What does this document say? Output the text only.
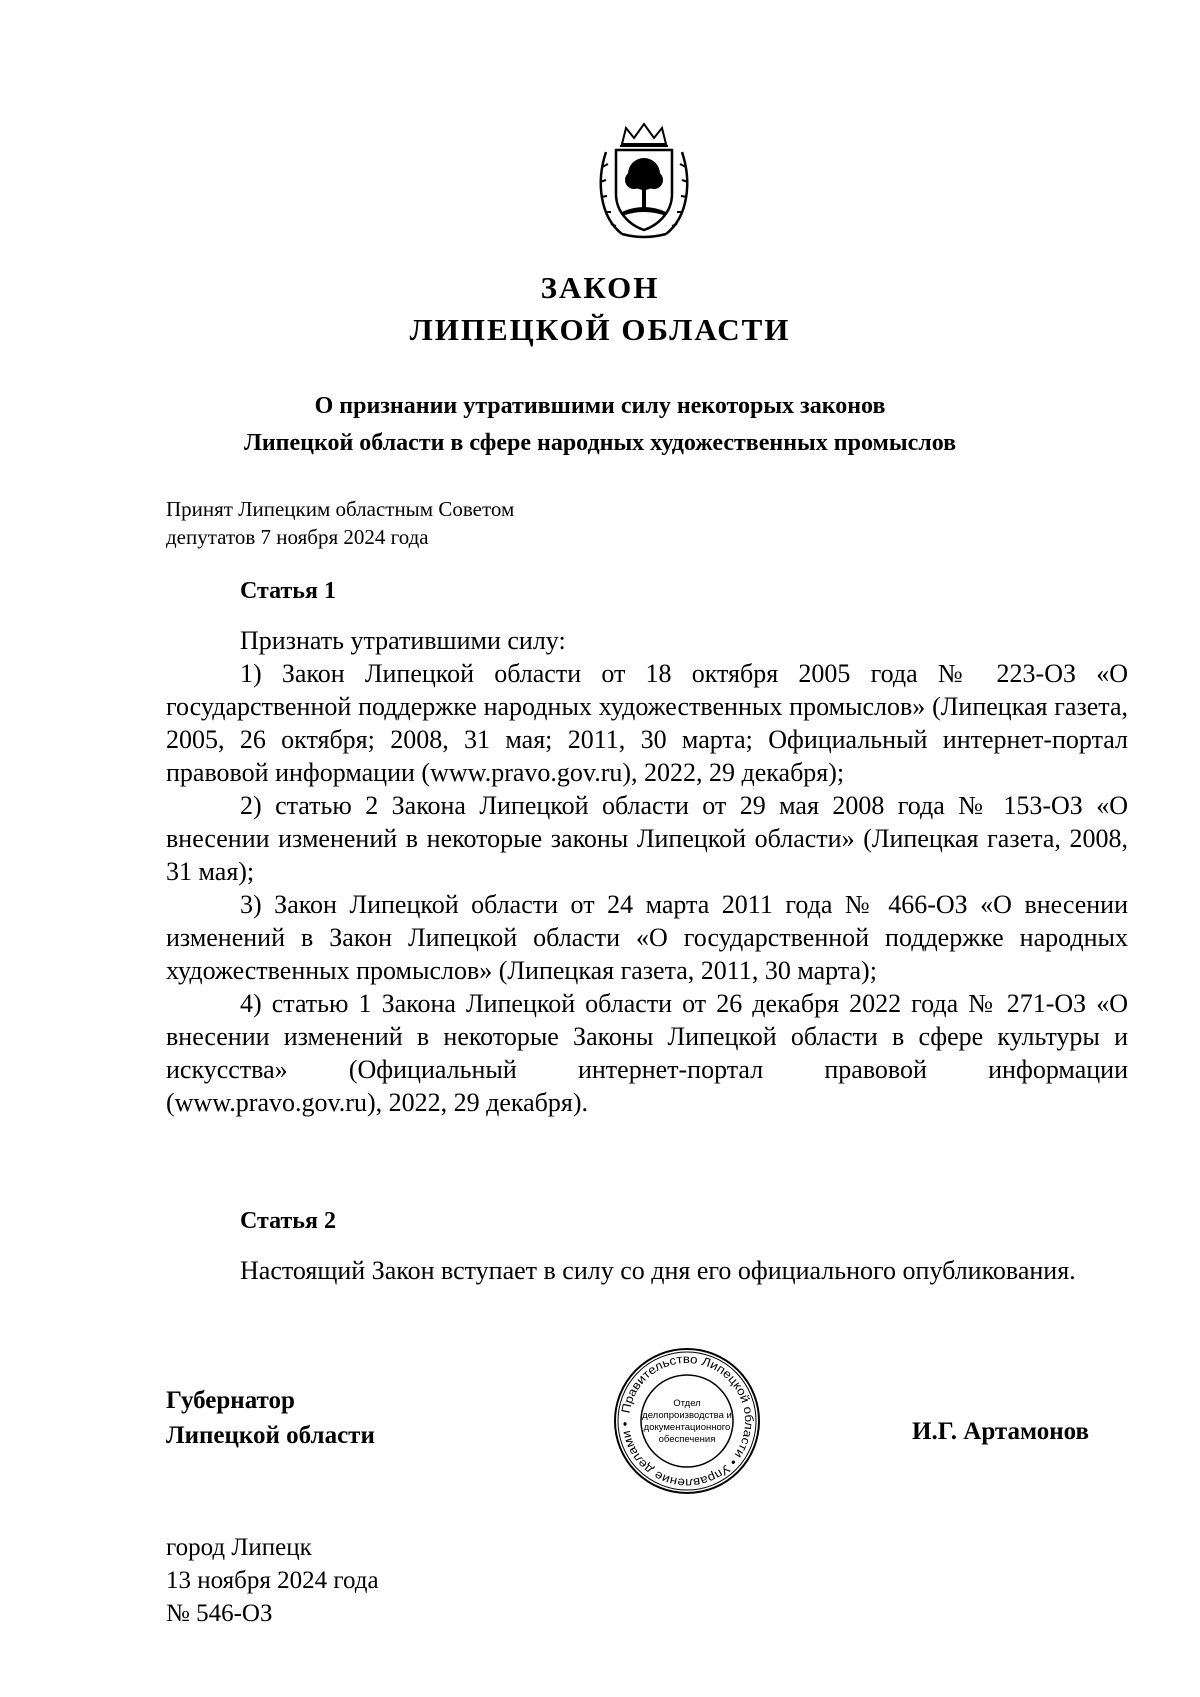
ЗАКОН
ЛИПЕЦКОЙ ОБЛАСТИ
О признании утратившими силу некоторых законов
Липецкой области в сфере народных художественных промыслов
Принят Липецким областным Советом
депутатов 7 ноября 2024 года
Статья 1

Признать утратившими силу:

1) Закон Липецкой области от 18 октября 2005 года № 223-ОЗ «О государственной поддержке народных художественных промыслов» (Липецкая газета, 2005, 26 октября; 2008, 31 мая; 2011, 30 марта; Официальный интернет-портал правовой информации (www.pravo.gov.ru), 2022, 29 декабря);

2) статью 2 Закона Липецкой области от 29 мая 2008 года № 153-ОЗ «О внесении изменений в некоторые законы Липецкой области» (Липецкая газета, 2008, 31 мая);

3) Закон Липецкой области от 24 марта 2011 года № 466-ОЗ «О внесении изменений в Закон Липецкой области «О государственной поддержке народных художественных промыслов» (Липецкая газета, 2011, 30 марта);

4) статью 1 Закона Липецкой области от 26 декабря 2022 года № 271-ОЗ «О внесении изменений в некоторые Законы Липецкой области в сфере культуры и искусства» (Официальный интернет-портал правовой информации (www.pravo.gov.ru), 2022, 29 декабря).

Статья 2

Настоящий Закон вступает в силу со дня его официального опубликования.

Губернатор
Липецкой области
Правительство Липецкой области • Управление делами •
Отдел
делопроизводства и
документационного
обеспечения	И.Г. Артамонов
город Липецк
13 ноября 2024 года
№ 546-ОЗ
